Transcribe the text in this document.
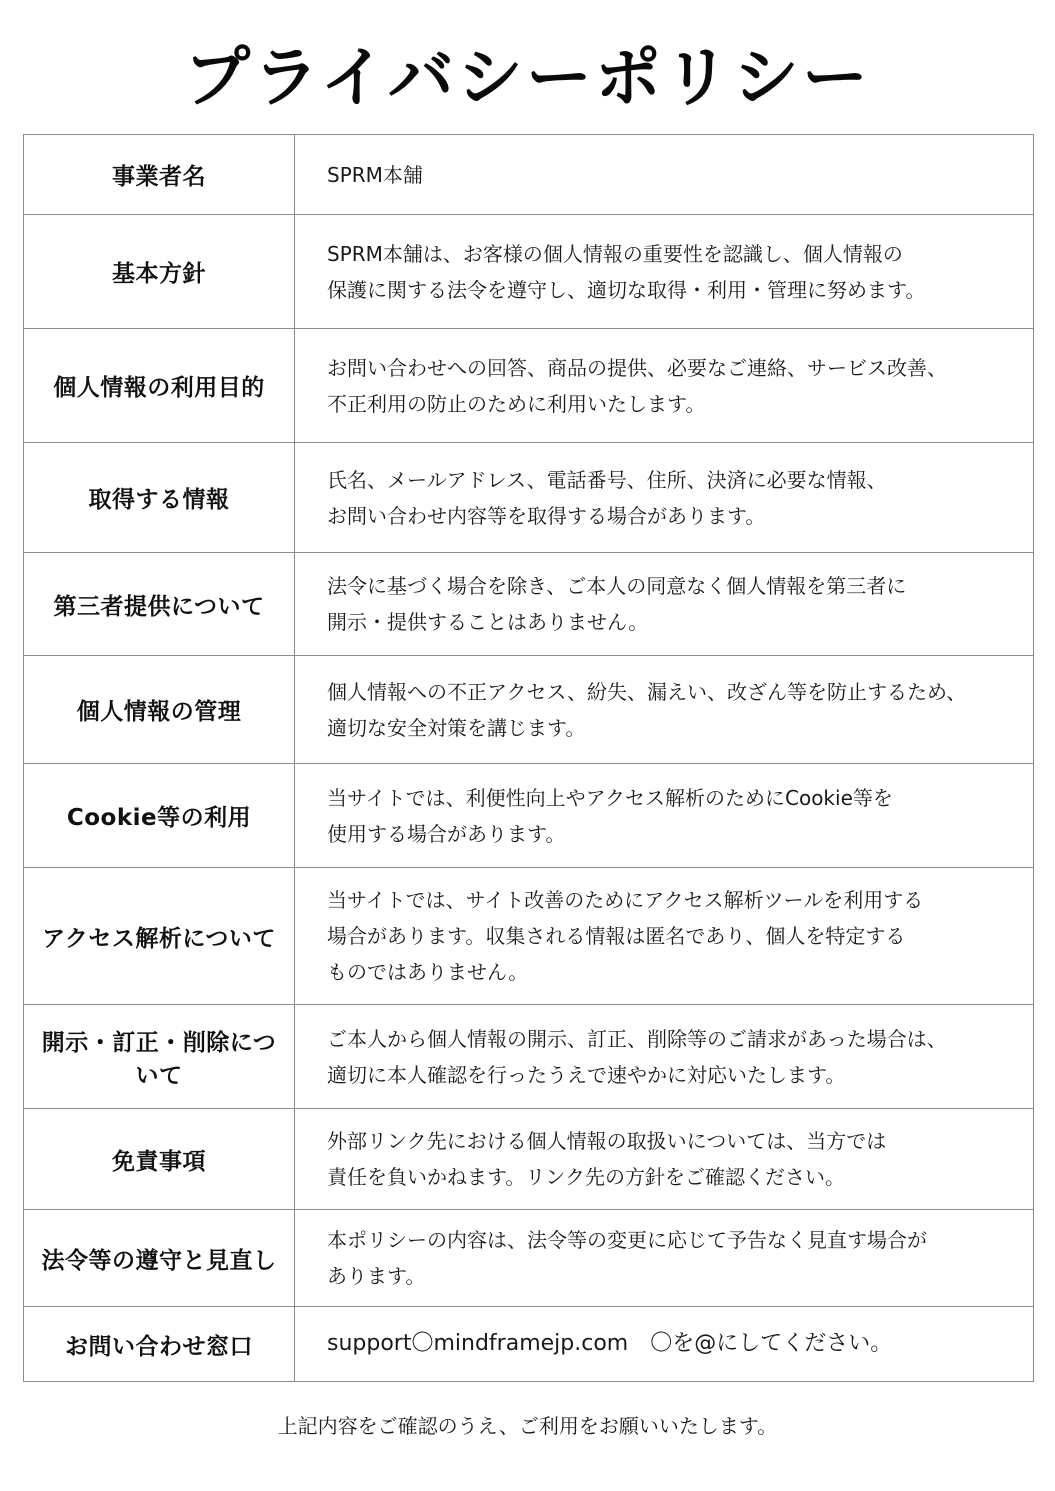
プライバシーポリシー
事業者名	SPRM本舗
基本方針	SPRM本舗は、お客様の個人情報の重要性を認識し、個人情報の
保護に関する法令を遵守し、適切な取得・利用・管理に努めます。
個人情報の利用目的	お問い合わせへの回答、商品の提供、必要なご連絡、サービス改善、
不正利用の防止のために利用いたします。
取得する情報	氏名、メールアドレス、電話番号、住所、決済に必要な情報、
お問い合わせ内容等を取得する場合があります。
第三者提供について	法令に基づく場合を除き、ご本人の同意なく個人情報を第三者に
開示・提供することはありません。
個人情報の管理	個人情報への不正アクセス、紛失、漏えい、改ざん等を防止するため、
適切な安全対策を講じます。
Cookie等の利用	当サイトでは、利便性向上やアクセス解析のためにCookie等を
使用する場合があります。
アクセス解析について	当サイトでは、サイト改善のためにアクセス解析ツールを利用する
場合があります。収集される情報は匿名であり、個人を特定する
ものではありません。
開示・訂正・削除について	ご本人から個人情報の開示、訂正、削除等のご請求があった場合は、
適切に本人確認を行ったうえで速やかに対応いたします。
免責事項	外部リンク先における個人情報の取扱いについては、当方では
責任を負いかねます。リンク先の方針をご確認ください。
法令等の遵守と見直し	本ポリシーの内容は、法令等の変更に応じて予告なく見直す場合が
あります。
お問い合わせ窓口	support〇mindframejp.com　〇を@にしてください。

上記内容をご確認のうえ、ご利用をお願いいたします。
